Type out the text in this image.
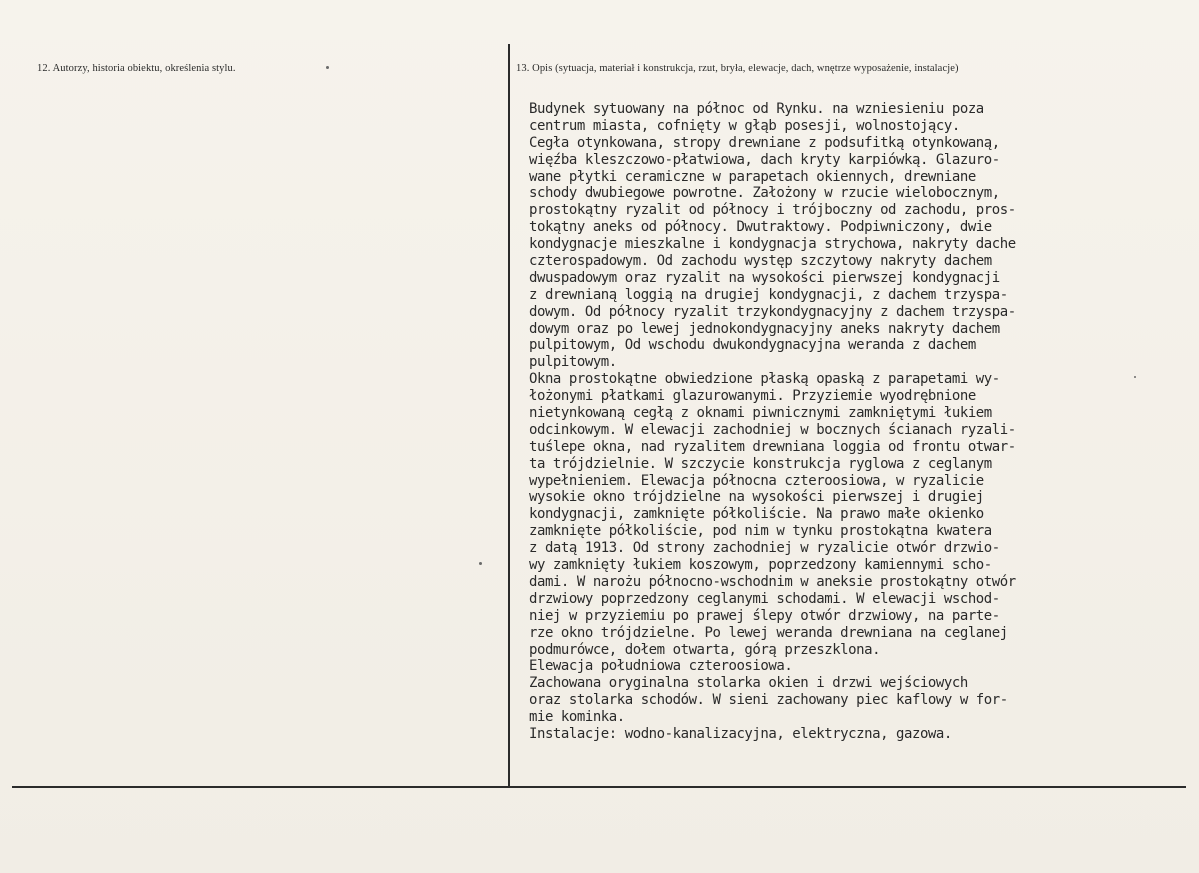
12. Autorzy, historia obiektu, określenia stylu.	13. Opis (sytuacja, materiał i konstrukcja, rzut, bryła, elewacje, dach, wnętrze wyposażenie, instalacje)
Budynek sytuowany na północ od Rynku. na wzniesieniu poza
centrum miasta, cofnięty w głąb posesji, wolnostojący.
Cegła otynkowana, stropy drewniane z podsufitką otynkowaną,
więźba kleszczowo-płatwiowa, dach kryty karpiówką. Glazuro-
wane płytki ceramiczne w parapetach okiennych, drewniane
schody dwubiegowe powrotne. Założony w rzucie wielobocznym,
prostokątny ryzalit od północy i trójboczny od zachodu, pros-
tokątny aneks od północy. Dwutraktowy. Podpiwniczony, dwie
kondygnacje mieszkalne i kondygnacja strychowa, nakryty dache
czterospadowym. Od zachodu występ szczytowy nakryty dachem
dwuspadowym oraz ryzalit na wysokości pierwszej kondygnacji
z drewnianą loggią na drugiej kondygnacji, z dachem trzyspa-
dowym. Od północy ryzalit trzykondygnacyjny z dachem trzyspa-
dowym oraz po lewej jednokondygnacyjny aneks nakryty dachem
pulpitowym, Od wschodu dwukondygnacyjna weranda z dachem
pulpitowym.
Okna prostokątne obwiedzione płaską opaską z parapetami wy-
łożonymi płatkami glazurowanymi. Przyziemie wyodrębnione
nietynkowaną cegłą z oknami piwnicznymi zamkniętymi łukiem
odcinkowym. W elewacji zachodniej w bocznych ścianach ryzali-
tuślepe okna, nad ryzalitem drewniana loggia od frontu otwar-
ta trójdzielnie. W szczycie konstrukcja ryglowa z ceglanym
wypełnieniem. Elewacja północna czteroosiowa, w ryzalicie
wysokie okno trójdzielne na wysokości pierwszej i drugiej
kondygnacji, zamknięte półkoliście. Na prawo małe okienko
zamknięte półkoliście, pod nim w tynku prostokątna kwatera
z datą 1913. Od strony zachodniej w ryzalicie otwór drzwio-
wy zamknięty łukiem koszowym, poprzedzony kamiennymi scho-
dami. W narożu północno-wschodnim w aneksie prostokątny otwór
drzwiowy poprzedzony ceglanymi schodami. W elewacji wschod-
niej w przyziemiu po prawej ślepy otwór drzwiowy, na parte-
rze okno trójdzielne. Po lewej weranda drewniana na ceglanej
podmurówce, dołem otwarta, górą przeszklona.
Elewacja południowa czteroosiowa.
Zachowana oryginalna stolarka okien i drzwi wejściowych
oraz stolarka schodów. W sieni zachowany piec kaflowy w for-
mie kominka.
Instalacje: wodno-kanalizacyjna, elektryczna, gazowa.
